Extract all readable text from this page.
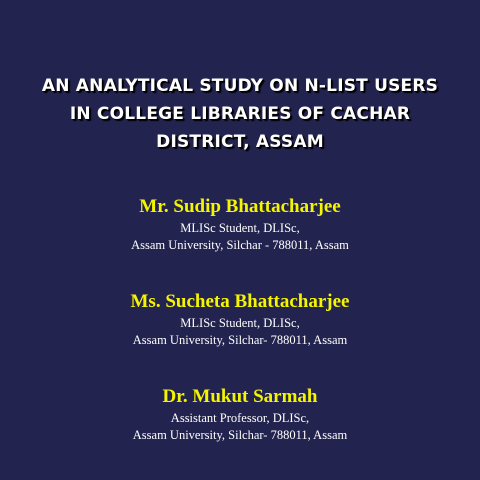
AN ANALYTICAL STUDY ON N-LIST USERS
IN COLLEGE LIBRARIES OF CACHAR
DISTRICT, ASSAM
Mr. Sudip Bhattacharjee
MLISc Student, DLISc,
Assam University, Silchar - 788011, Assam
Ms. Sucheta Bhattacharjee
MLISc Student, DLISc,
Assam University, Silchar- 788011, Assam
Dr. Mukut Sarmah
Assistant Professor, DLISc,
Assam University, Silchar- 788011, Assam
